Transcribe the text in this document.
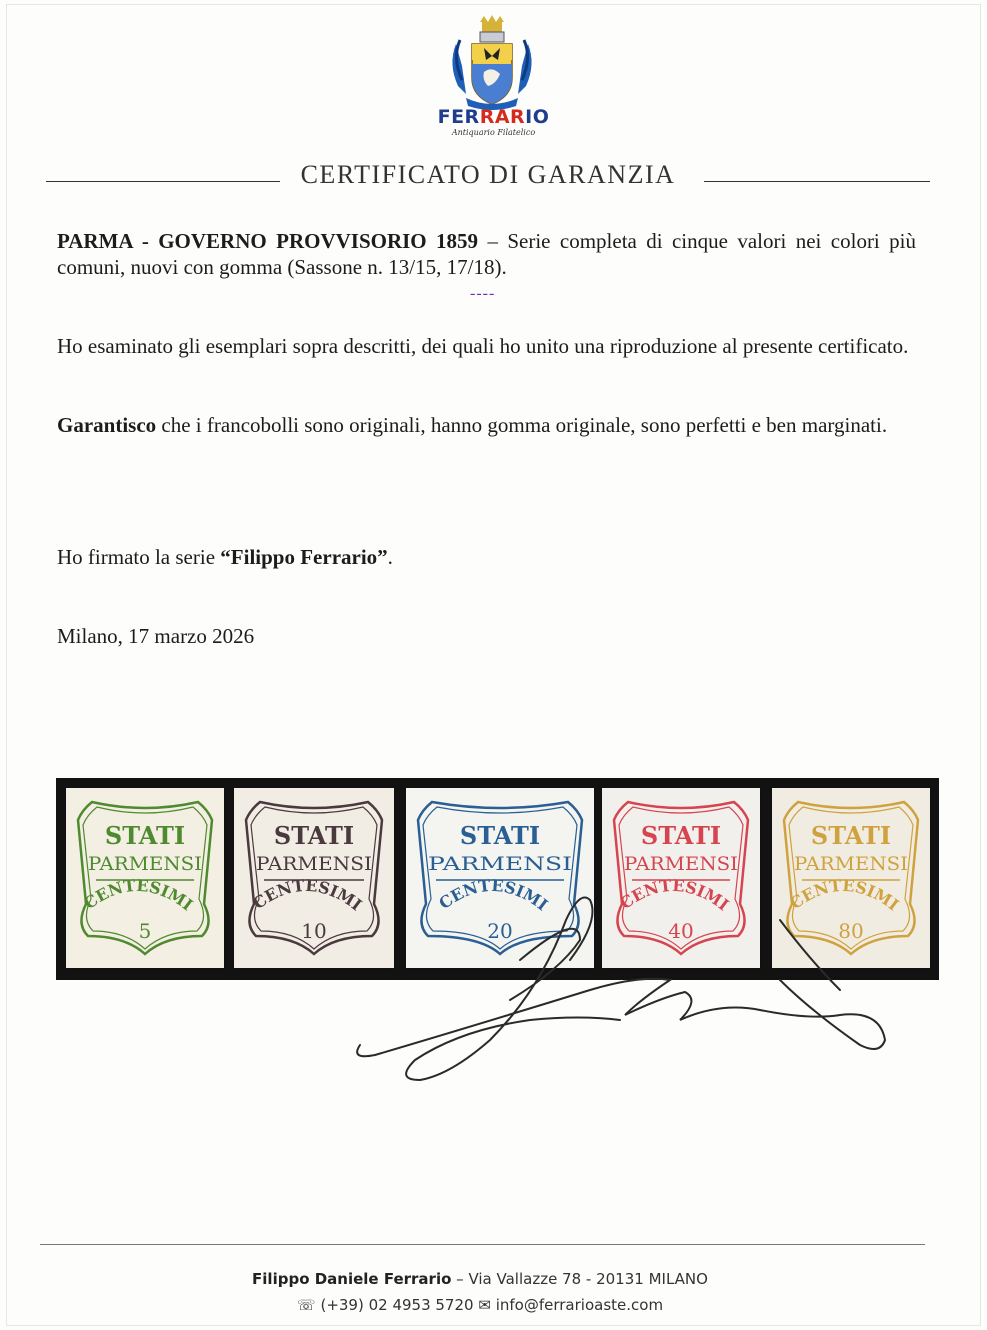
FERRARIO
Antiquario Filatelico
CERTIFICATO DI GARANZIA
PARMA - GOVERNO PROVVISORIO 1859 – Serie completa di cinque valori nei colori più comuni, nuovi con gomma (Sassone n. 13/15, 17/18).
----
Ho esaminato gli esemplari sopra descritti, dei quali ho unito una riproduzione al presente certificato.
Garantisco che i francobolli sono originali, hanno gomma originale, sono perfetti e ben marginati.
Ho firmato la serie “Filippo Ferrario”.
Milano, 17 marzo 2026
STATI
PARMENSI
CENTESIMI
5
STATI
PARMENSI
CENTESIMI
10
STATI
PARMENSI
CENTESIMI
20
STATI
PARMENSI
CENTESIMI
40
STATI
PARMENSI
CENTESIMI
80
Filippo Daniele Ferrario – Via Vallazze 78 - 20131 MILANO
☏ (+39) 02 4953 5720 ✉ info@ferrarioaste.com
